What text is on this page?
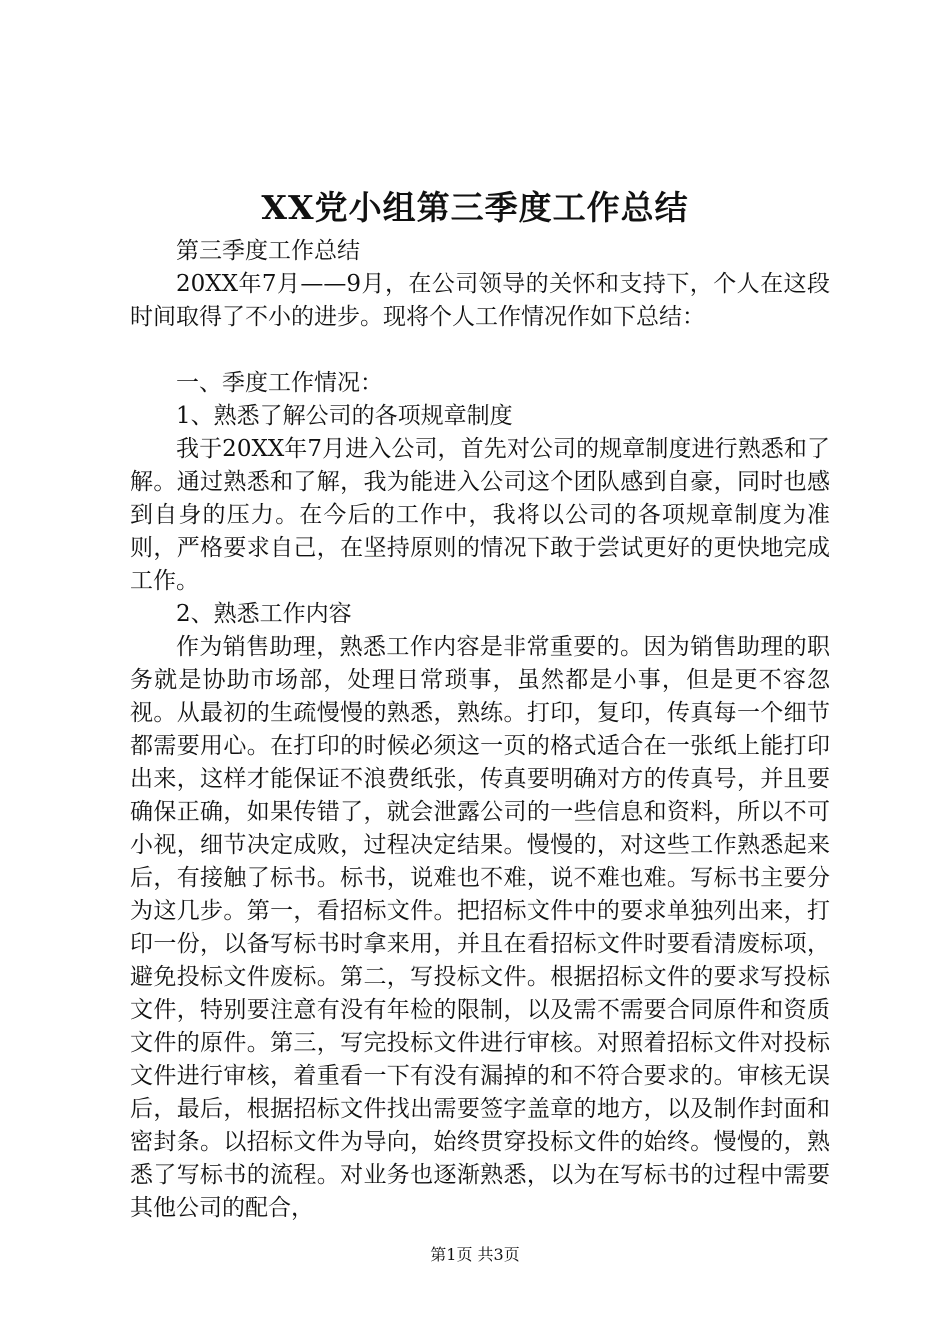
XX党小组第三季度工作总结

第三季度工作总结

20XX年7月——9月，在公司领导的关怀和支持下，个人在这段时间取得了不小的进步。现将个人工作情况作如下总结：

一、季度工作情况：

1、熟悉了解公司的各项规章制度

我于20XX年7月进入公司，首先对公司的规章制度进行熟悉和了解。通过熟悉和了解，我为能进入公司这个团队感到自豪，同时也感到自身的压力。在今后的工作中，我将以公司的各项规章制度为准则，严格要求自己，在坚持原则的情况下敢于尝试更好的更快地完成工作。

2、熟悉工作内容

作为销售助理，熟悉工作内容是非常重要的。因为销售助理的职务就是协助市场部，处理日常琐事，虽然都是小事，但是更不容忽视。从最初的生疏慢慢的熟悉，熟练。打印，复印，传真每一个细节都需要用心。在打印的时候必须这一页的格式适合在一张纸上能打印出来，这样才能保证不浪费纸张，传真要明确对方的传真号，并且要确保正确，如果传错了，就会泄露公司的一些信息和资料，所以不可小视，细节决定成败，过程决定结果。慢慢的，对这些工作熟悉起来后，有接触了标书。标书，说难也不难，说不难也难。写标书主要分为这几步。第一，看招标文件。把招标文件中的要求单独列出来，打印一份，以备写标书时拿来用，并且在看招标文件时要看清废标项，避免投标文件废标。第二，写投标文件。根据招标文件的要求写投标文件，特别要注意有没有年检的限制，以及需不需要合同原件和资质文件的原件。第三，写完投标文件进行审核。对照着招标文件对投标文件进行审核，着重看一下有没有漏掉的和不符合要求的。审核无误后，最后，根据招标文件找出需要签字盖章的地方，以及制作封面和密封条。以招标文件为导向，始终贯穿投标文件的始终。慢慢的，熟悉了写标书的流程。对业务也逐渐熟悉，以为在写标书的过程中需要其他公司的配合，

第1页 共3页
